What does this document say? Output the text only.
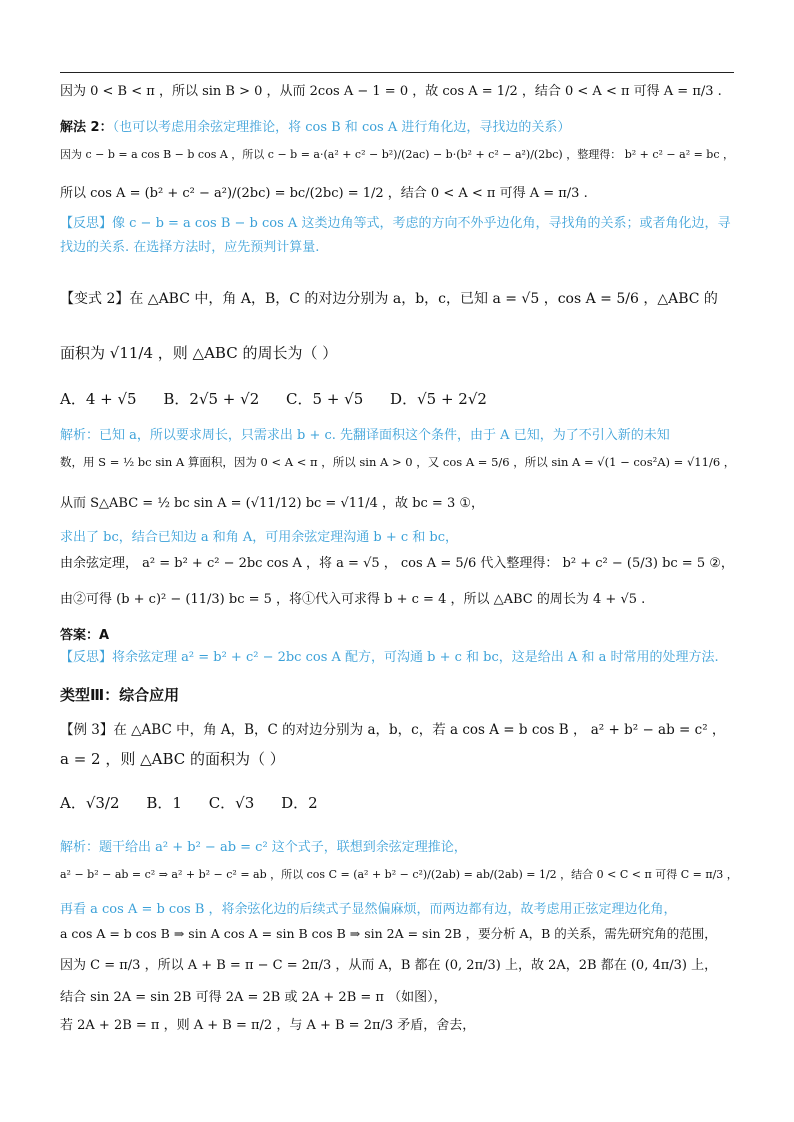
因为 0 < B < π ，所以 sin B > 0 ，从而 2cos A − 1 = 0 ，故 cos A = 1/2 ，结合 0 < A < π 可得 A = π/3 .
解法 2：（也可以考虑用余弦定理推论，将 cos B 和 cos A 进行角化边，寻找边的关系）
因为 c − b = a cos B − b cos A ，所以 c − b = a·(a² + c² − b²)/(2ac) − b·(b² + c² − a²)/(2bc) ，整理得： b² + c² − a² = bc ，
所以 cos A = (b² + c² − a²)/(2bc) = bc/(2bc) = 1/2 ，结合 0 < A < π 可得 A = π/3 .
【反思】像 c − b = a cos B − b cos A 这类边角等式，考虑的方向不外乎边化角，寻找角的关系；或者角化边，寻
找边的关系. 在选择方法时，应先预判计算量.
【变式 2】在 △ABC 中，角 A，B，C 的对边分别为 a，b，c，已知 a = √5 ，cos A = 5/6 ，△ABC 的
面积为 √11/4 ，则 △ABC 的周长为（ ）
A．4 + √5 B．2√5 + √2 C．5 + √5 D．√5 + 2√2
解析：已知 a，所以要求周长，只需求出 b + c. 先翻译面积这个条件，由于 A 已知，为了不引入新的未知
数，用 S = ½ bc sin A 算面积，因为 0 < A < π ，所以 sin A > 0 ，又 cos A = 5/6 ，所以 sin A = √(1 − cos²A) = √11/6 ，
从而 S△ABC = ½ bc sin A = (√11/12) bc = √11/4 ，故 bc = 3 ①，
求出了 bc，结合已知边 a 和角 A，可用余弦定理沟通 b + c 和 bc，
由余弦定理， a² = b² + c² − 2bc cos A ，将 a = √5 ， cos A = 5/6 代入整理得： b² + c² − (5/3) bc = 5 ②，
由②可得 (b + c)² − (11/3) bc = 5 ，将①代入可求得 b + c = 4 ，所以 △ABC 的周长为 4 + √5 .
答案：A
【反思】将余弦定理 a² = b² + c² − 2bc cos A 配方，可沟通 b + c 和 bc，这是给出 A 和 a 时常用的处理方法.
类型Ⅲ：综合应用
【例 3】在 △ABC 中，角 A，B，C 的对边分别为 a，b，c，若 a cos A = b cos B ， a² + b² − ab = c² ，
a = 2 ，则 △ABC 的面积为（ ）
A．√3/2 B．1 C．√3 D．2
解析：题干给出 a² + b² − ab = c² 这个式子，联想到余弦定理推论，
a² − b² − ab = c² ⇒ a² + b² − c² = ab ，所以 cos C = (a² + b² − c²)/(2ab) = ab/(2ab) = 1/2 ，结合 0 < C < π 可得 C = π/3 ，
再看 a cos A = b cos B ，将余弦化边的后续式子显然偏麻烦，而两边都有边，故考虑用正弦定理边化角，
a cos A = b cos B ⇒ sin A cos A = sin B cos B ⇒ sin 2A = sin 2B ，要分析 A，B 的关系，需先研究角的范围，
因为 C = π/3 ，所以 A + B = π − C = 2π/3 ，从而 A，B 都在 (0, 2π/3) 上，故 2A，2B 都在 (0, 4π/3) 上，
结合 sin 2A = sin 2B 可得 2A = 2B 或 2A + 2B = π （如图），
若 2A + 2B = π ，则 A + B = π/2 ，与 A + B = 2π/3 矛盾，舍去，
